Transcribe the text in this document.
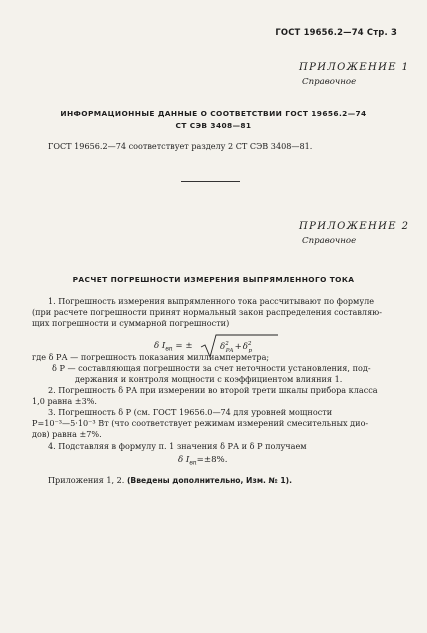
ГОСТ 19656.2—74 Стр. 3
ПРИЛОЖЕНИЕ 1
Справочное
ИНФОРМАЦИОННЫЕ ДАННЫЕ О СООТВЕТСТВИИ ГОСТ 19656.2—74
СТ СЭВ 3408—81
ГОСТ 19656.2—74 соответствует разделу 2 СТ СЭВ 3408—81.
ПРИЛОЖЕНИЕ 2
Справочное
РАСЧЕТ ПОГРЕШНОСТИ ИЗМЕРЕНИЯ ВЫПРЯМЛЕННОГО ТОКА
1. Погрешность измерения выпрямленного тока рассчитывают по формуле
(при расчете погрешности принят нормальный закон распределения составляю-
щих погрешности и суммарной погрешности)
δ $I_{вп}$ = ±	$\delta^2_{РА}+\delta^2_р$
где δ РА — погрешность показания миллиамперметра;
δ Р — составляющая погрешности за счет неточности установления, под-
держания и контроля мощности с коэффициентом влияния 1.
2. Погрешность δ РА при измерении во второй трети шкалы прибора класса
1,0 равна ±3%.
3. Погрешность δ Р (см. ГОСТ 19656.0—74 для уровней мощности
Р=10⁻³—5·10⁻³ Вт (что соответствует режимам измерений смесительных дио-
дов) равна ±7%.
4. Подставляя в формулу п. 1 значения δ РА и δ Р получаем
δ $I_{вп}=\pm 8\%$.
Приложения 1, 2. (Введены дополнительно, Изм. № 1).
